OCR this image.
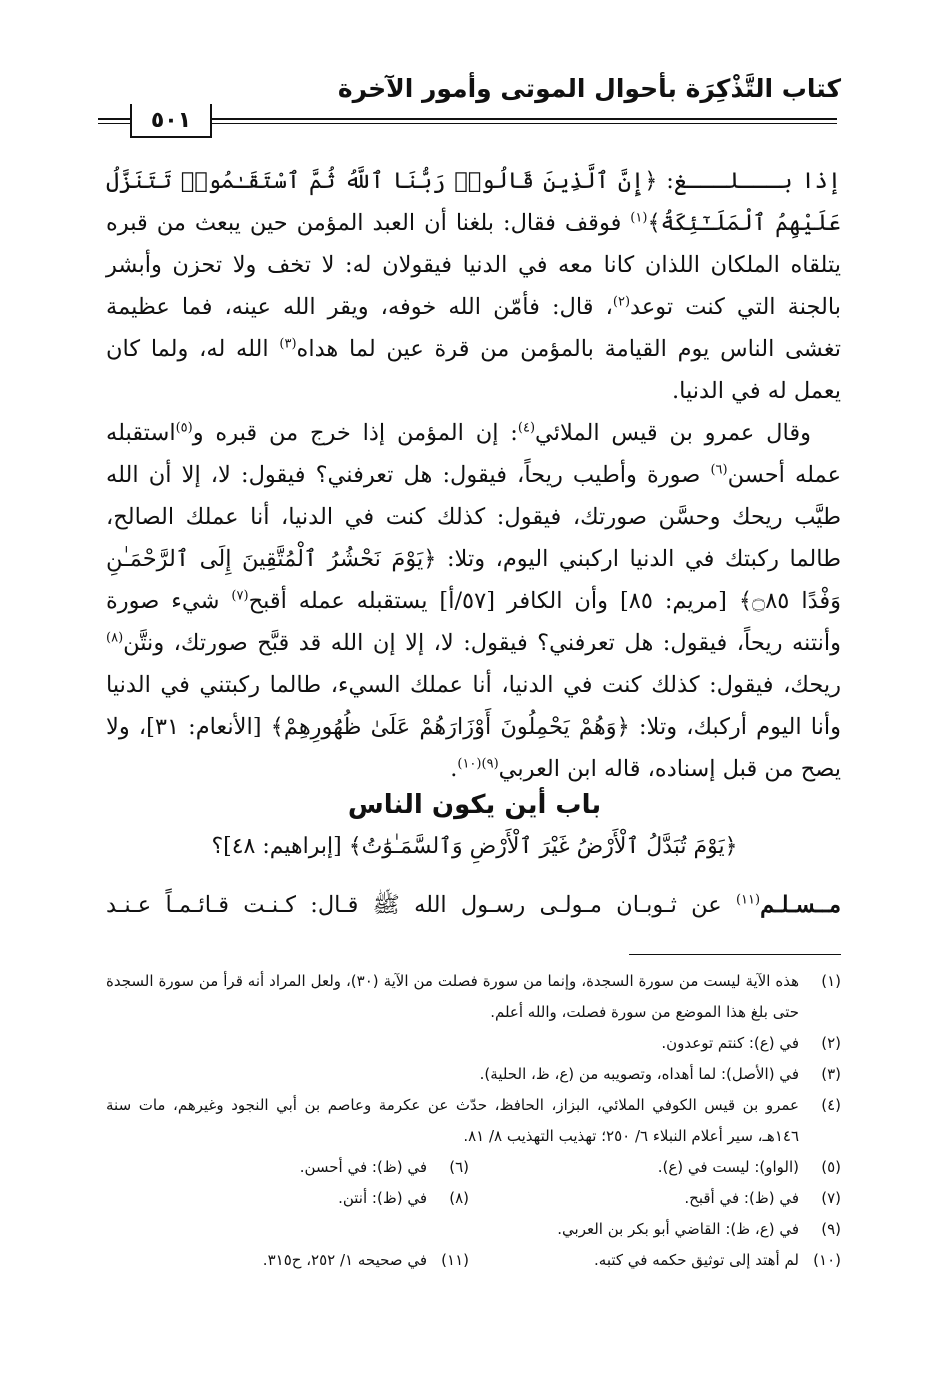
كتاب التَّذْكِرَة بأحوال الموتى وأمور الآخرة
٥٠١

إذا بـــلـــغ: ﴿إِنَّ ٱلَّذِينَ قَالُوا۟ رَبُّنَا ٱللَّهُ ثُمَّ ٱسْتَقَـٰمُوا۟ تَتَنَزَّلُ عَلَيْهِمُ ٱلْمَلَـٰٓئِكَةُ﴾$^{(١)}$ فوقف فقال: بلغنا أن العبد المؤمن حين يبعث من قبره يتلقاه الملكان اللذان كانا معه في الدنيا فيقولان له: لا تخف ولا تحزن وأبشر بالجنة التي كنت توعد$^{(٢)}$، قال: فأمّن الله خوفه، ويقر الله عينه، فما عظيمة تغشى الناس يوم القيامة بالمؤمن من قرة عين لما هداه$^{(٣)}$ الله له، ولما كان يعمل له في الدنيا.

وقال عمرو بن قيس الملائي$^{(٤)}$: إن المؤمن إذا خرج من قبره و$^{(٥)}$استقبله عمله أحسن$^{(٦)}$ صورة وأطيب ريحاً، فيقول: هل تعرفني؟ فيقول: لا، إلا أن الله طيَّب ريحك وحسَّن صورتك، فيقول: كذلك كنت في الدنيا، أنا عملك الصالح، طالما ركبتك في الدنيا اركبني اليوم، وتلا: ﴿يَوْمَ نَحْشُرُ ٱلْمُتَّقِينَ إِلَى ٱلرَّحْمَـٰنِ وَفْدًا ۝٨٥﴾ [مريم: ٨٥] وأن الكافر [٥٧/أ] يستقبله عمله أقبح$^{(٧)}$ شيء صورة وأنتنه ريحاً، فيقول: هل تعرفني؟ فيقول: لا، إلا إن الله قد قبَّح صورتك، ونتَّن$^{(٨)}$ ريحك، فيقول: كذلك كنت في الدنيا، أنا عملك السيء، طالما ركبتني في الدنيا وأنا اليوم أركبك، وتلا: ﴿وَهُمْ يَحْمِلُونَ أَوْزَارَهُمْ عَلَىٰ ظُهُورِهِمْ﴾ [الأنعام: ٣١]، ولا يصح من قبل إسناده، قاله ابن العربي$^{(٩)(١٠)}$.

باب أين يكون الناس
﴿يَوْمَ تُبَدَّلُ ٱلْأَرْضُ غَيْرَ ٱلْأَرْضِ وَٱلسَّمَـٰوَٰتُ﴾ [إبراهيم: ٤٨]؟
مــسـلـم$^{(١١)}$ عن ثـوبـان مـولـى رسـول الله ﷺ قـال: كـنـت قـائـمـاً عـنـد
(١)
هذه الآية ليست من سورة السجدة، وإنما من سورة فصلت من الآية (٣٠)، ولعل المراد أنه قرأ من سورة السجدة حتى بلغ هذا الموضع من سورة فصلت، والله أعلم.
(٢)
في (ع): كنتم توعدون.
(٣)
في (الأصل): لما أهداه، وتصويبه من (ع، ظ، الحلية).
(٤)
عمرو بن قيس الكوفي الملائي، البزاز، الحافظ، حدّث عن عكرمة وعاصم بن أبي النجود وغيرهم، مات سنة ١٤٦هـ، سير أعلام النبلاء ٦/ ٢٥٠؛ تهذيب التهذيب ٨/ ٨١.
(٥)
(الواو): ليست في (ع).
(٦)
في (ظ): في أحسن.
(٧)
في (ظ): في أقبح.
(٨)
في (ظ): أنتن.
(٩)
في (ع، ظ): القاضي أبو بكر بن العربي.
(١٠)
لم أهتد إلى توثيق حكمه في كتبه.
(١١)
في صحيحه ١/ ٢٥٢، ح٣١٥.
